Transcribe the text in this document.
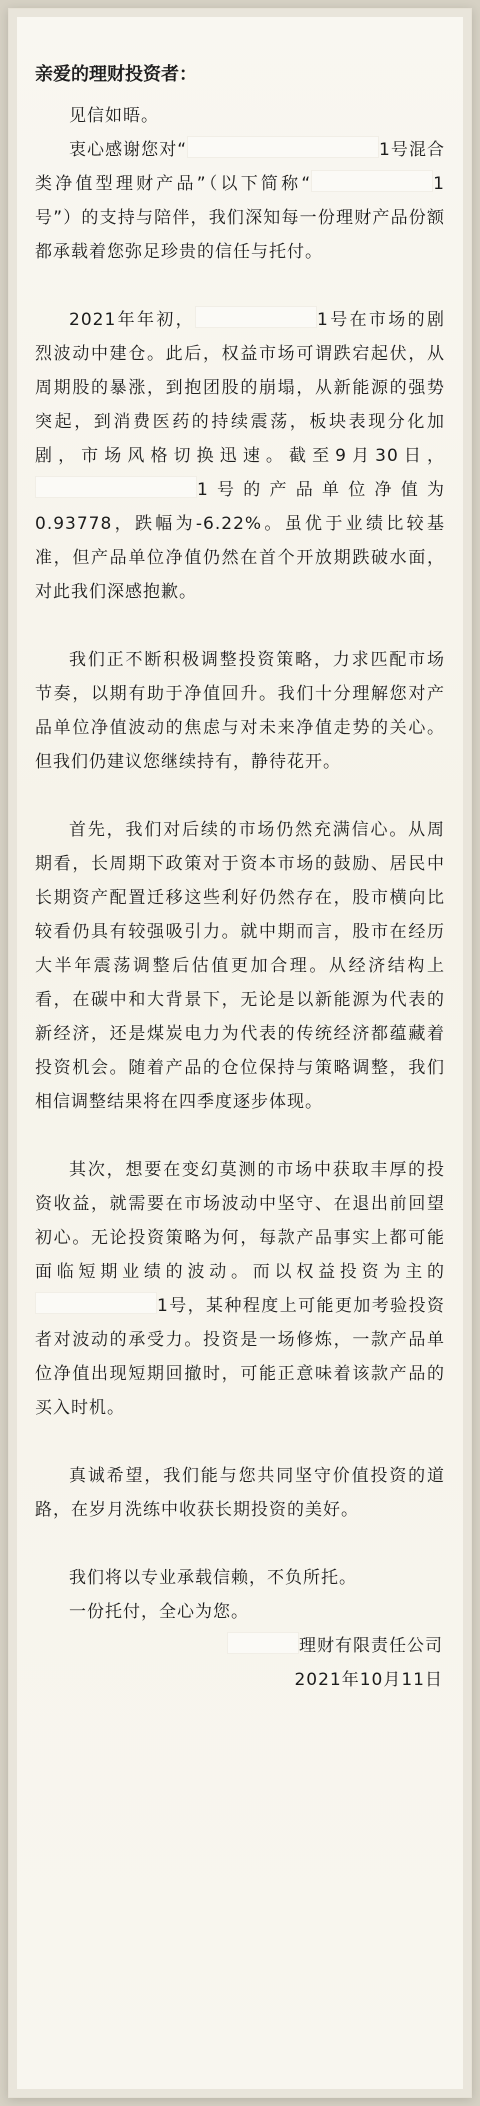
亲爱的理财投资者：

见信如晤。

衷心感谢您对“	1号混合类净值型理财产品”（以下简称“	1号”）的支持与陪伴，我们深知每一份理财产品份额都承载着您弥足珍贵的信任与托付。

2021年年初，	1号在市场的剧烈波动中建仓。此后，权益市场可谓跌宕起伏，从周期股的暴涨，到抱团股的崩塌，从新能源的强势突起，到消费医药的持续震荡，板块表现分化加剧，市场风格切换迅速。截至9月30日，1号的产品单位净值为0.93778，跌幅为-6.22%。虽优于业绩比较基准，但产品单位净值仍然在首个开放期跌破水面，对此我们深感抱歉。

我们正不断积极调整投资策略，力求匹配市场节奏，以期有助于净值回升。我们十分理解您对产品单位净值波动的焦虑与对未来净值走势的关心。但我们仍建议您继续持有，静待花开。

首先，我们对后续的市场仍然充满信心。从周期看，长周期下政策对于资本市场的鼓励、居民中长期资产配置迁移这些利好仍然存在，股市横向比较看仍具有较强吸引力。就中期而言，股市在经历大半年震荡调整后估值更加合理。从经济结构上看，在碳中和大背景下，无论是以新能源为代表的新经济，还是煤炭电力为代表的传统经济都蕴藏着投资机会。随着产品的仓位保持与策略调整，我们相信调整结果将在四季度逐步体现。

其次，想要在变幻莫测的市场中获取丰厚的投资收益，就需要在市场波动中坚守、在退出前回望初心。无论投资策略为何，每款产品事实上都可能面临短期业绩的波动。而以权益投资为主的1号，某种程度上可能更加考验投资者对波动的承受力。投资是一场修炼，一款产品单位净值出现短期回撤时，可能正意味着该款产品的买入时机。

真诚希望，我们能与您共同坚守价值投资的道路，在岁月洗练中收获长期投资的美好。

我们将以专业承载信赖，不负所托。

一份托付，全心为您。

理财有限责任公司

2021年10月11日
